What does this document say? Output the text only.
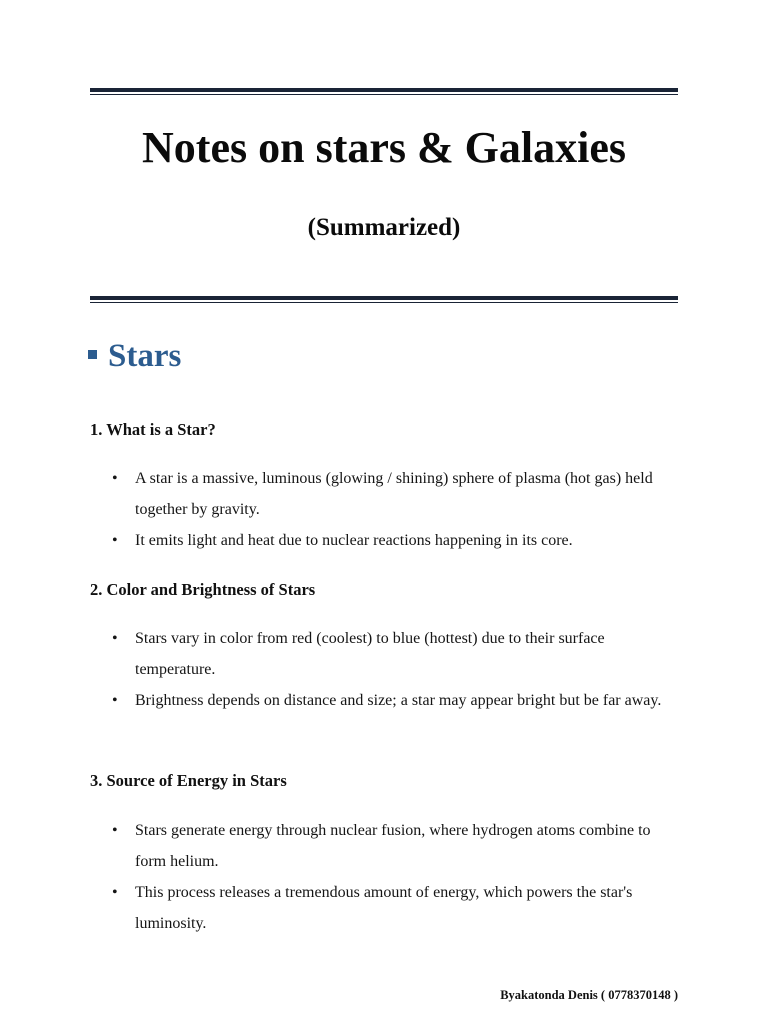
Notes on stars & Galaxies
(Summarized)
Stars
1. What is a Star?
• A star is a massive, luminous (glowing / shining) sphere of plasma (hot gas) held together by gravity.
• It emits light and heat due to nuclear reactions happening in its core.
2. Color and Brightness of Stars
• Stars vary in color from red (coolest) to blue (hottest) due to their surface temperature.
• Brightness depends on distance and size; a star may appear bright but be far away.
3. Source of Energy in Stars
• Stars generate energy through nuclear fusion, where hydrogen atoms combine to form helium.
• This process releases a tremendous amount of energy, which powers the star's luminosity.
Byakatonda Denis ( 0778370148 )
